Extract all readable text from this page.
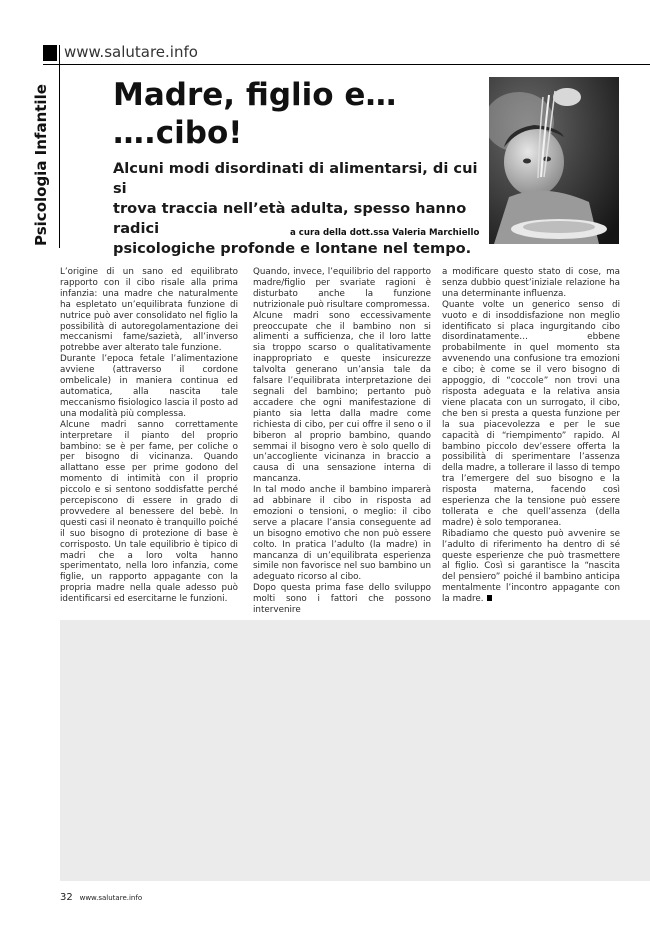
www.salutare.info
Psicologia Infantile Madre, figlio e…
….cibo!

Alcuni modi disordinati di alimentarsi, di cui si
trova traccia nell’età adulta, spesso hanno radici
psicologiche profonde e lontane nel tempo.

a cura della dott.ssa Valeria Marchiello

L’origine di un sano ed equilibrato rapporto con il cibo risale alla prima infanzia: una madre che naturalmente ha espletato un’equilibrata funzione di nutrice può aver consolidato nel figlio la possibilità di autoregolamentazione dei meccanismi fame/sazietà, all’inverso potrebbe aver alterato tale funzione.

Durante l’epoca fetale l’alimentazione avviene (attraverso il cordone ombelicale) in maniera continua ed automatica, alla nascita tale meccanismo fisiologico lascia il posto ad una modalità più complessa.

Alcune madri sanno correttamente interpretare il pianto del proprio bambino: se è per fame, per coliche o per bisogno di vicinanza. Quando allattano esse per prime godono del momento di intimità con il proprio piccolo e si sentono soddisfatte perché percepiscono di essere in grado di provvedere al benessere del bebè. In questi casi il neonato è tranquillo poiché il suo bisogno di protezione di base è corrisposto. Un tale equilibrio è tipico di madri che a loro volta hanno sperimentato, nella loro infanzia, come figlie, un rapporto appagante con la propria madre nella quale adesso può identificarsi ed esercitarne le funzioni.

Quando, invece, l’equilibrio del rapporto madre/figlio per svariate ragioni è disturbato anche la funzione nutrizionale può risultare compromessa.

Alcune madri sono eccessivamente preoccupate che il bambino non si alimenti a sufficienza, che il loro latte sia troppo scarso o qualitativamente inappropriato e queste insicurezze talvolta generano un’ansia tale da falsare l’equilibrata interpretazione dei segnali del bambino; pertanto può accadere che ogni manifestazione di pianto sia letta dalla madre come richiesta di cibo, per cui offre il seno o il biberon al proprio bambino, quando semmai il bisogno vero è solo quello di un’accogliente vicinanza in braccio a causa di una sensazione interna di mancanza.

In tal modo anche il bambino imparerà ad abbinare il cibo in risposta ad emozioni o tensioni, o meglio: il cibo serve a placare l’ansia conseguente ad un bisogno emotivo che non può essere colto. In pratica l’adulto (la madre) in mancanza di un’equilibrata esperienza simile non favorisce nel suo bambino un adeguato ricorso al cibo.

Dopo questa prima fase dello sviluppo molti sono i fattori che possono intervenire

a modificare questo stato di cose, ma senza dubbio quest’iniziale relazione ha una determinante influenza.

Quante volte un generico senso di vuoto e di insoddisfazione non meglio identificato si placa ingurgitando cibo disordinatamente… ebbene probabilmente in quel momento sta avvenendo una confusione tra emozioni e cibo; è come se il vero bisogno di appoggio, di “coccole” non trovi una risposta adeguata e la relativa ansia viene placata con un surrogato, il cibo, che ben si presta a questa funzione per la sua piacevolezza e per le sue capacità di “riempimento” rapido. Al bambino piccolo dev’essere offerta la possibilità di sperimentare l’assenza della madre, a tollerare il lasso di tempo tra l’emergere del suo bisogno e la risposta materna, facendo così esperienza che la tensione può essere tollerata e che quell’assenza (della madre) è solo temporanea.

Ribadiamo che questo può avvenire se l’adulto di riferimento ha dentro di sé queste esperienze che può trasmettere al figlio. Così si garantisce la “nascita del pensiero” poiché il bambino anticipa mentalmente l’incontro appagante con la madre.

32 www.salutare.info
